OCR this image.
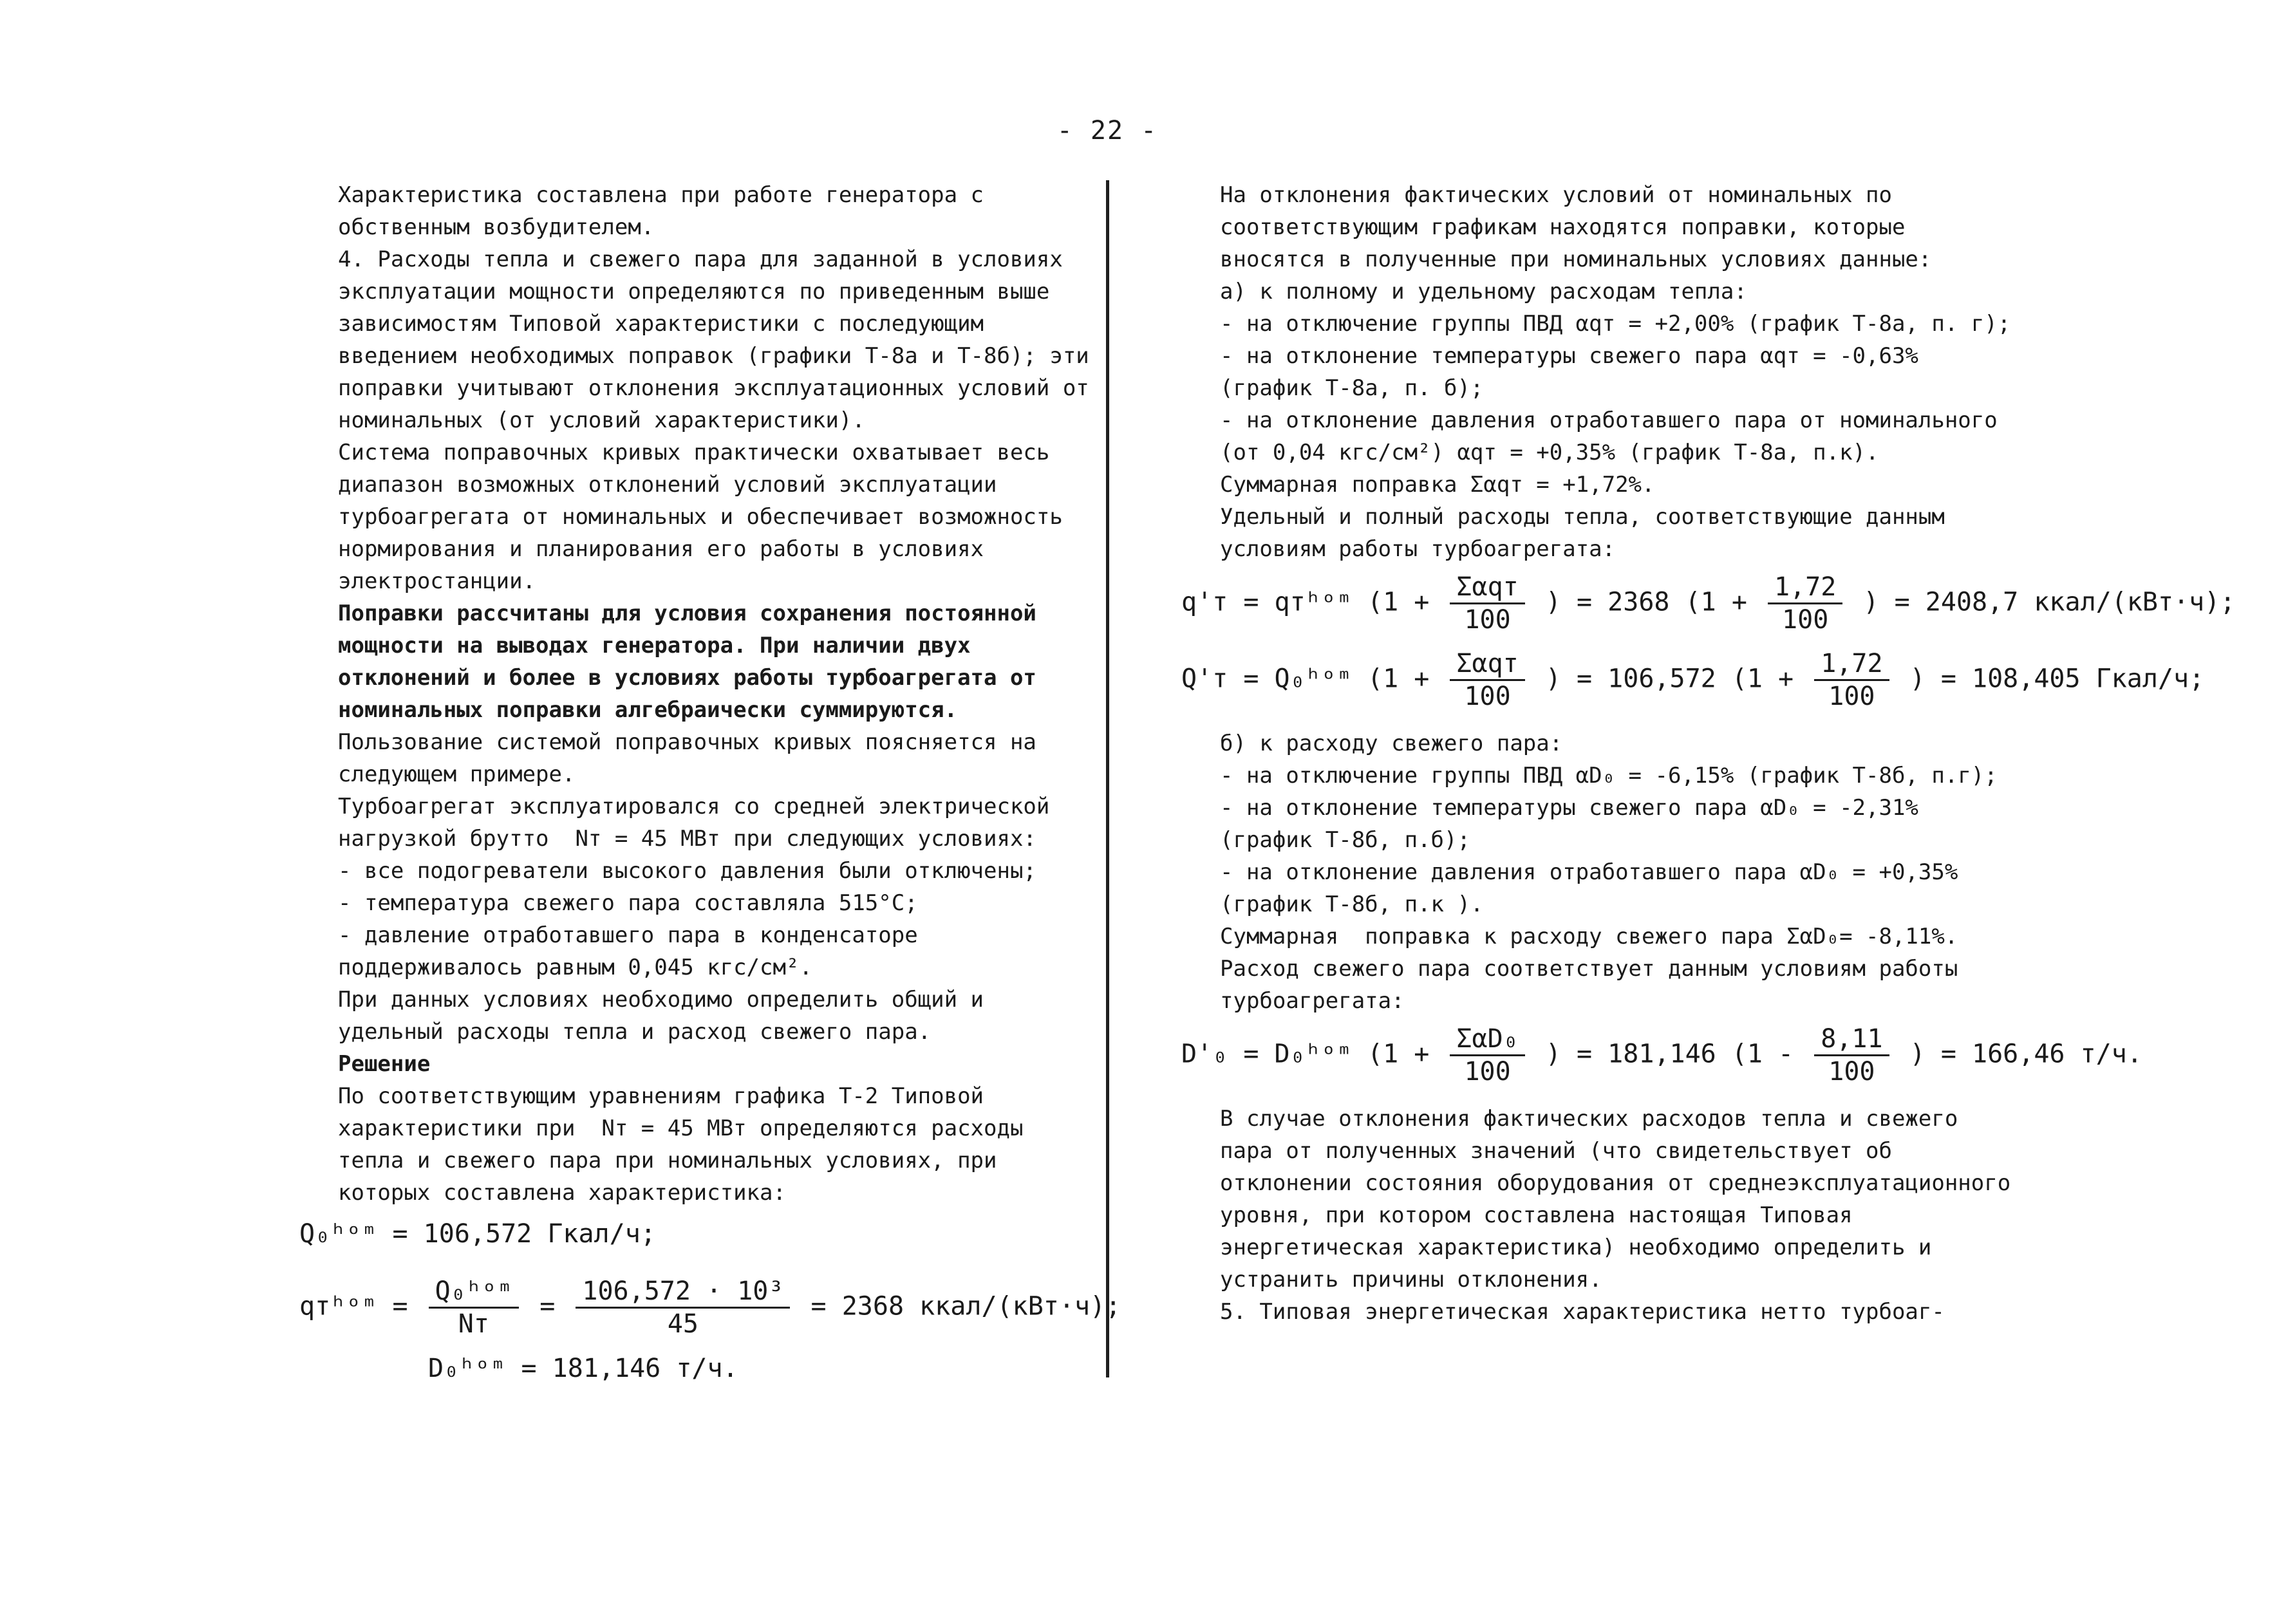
- 22 -

Характеристика составлена при работе генератора с обственным возбудителем.

4. Расходы тепла и свежего пара для заданной в условиях эксплуатации мощности определяются по приведенным выше зависимостям Типовой характеристики с последующим введением необходимых поправок (графики Т-8а и Т-8б); эти поправки учитывают отклонения эксплуатационных условий от номинальных (от условий характеристики).

Система поправочных кривых практически охватывает весь диапазон возможных отклонений условий эксплуатации турбоагрегата от номинальных и обеспечивает возможность нормирования и планирования его работы в условиях электростанции.

Поправки рассчитаны для условия сохранения постоянной мощности на выводах генератора. При наличии двух отклонений и более в условиях работы турбоагрегата от номинальных поправки алгебраически суммируются.

Пользование системой поправочных кривых поясняется на следующем примере.

Турбоагрегат эксплуатировался со средней электрической нагрузкой брутто  Nт = 45 МВт при следующих условиях:

- все подогреватели высокого давления были отключены;

- температура свежего пара составляла 515°С;

- давление отработавшего пара в конденсаторе поддерживалось равным 0,045 кгс/см².

При данных условиях необходимо определить общий и удельный расходы тепла и расход свежего пара.

Решение

По соответствующим уравнениям графика Т-2 Типовой характеристики при  Nт = 45 МВт определяются расходы тепла и свежего пара при номинальных условиях, при которых составлена характеристика:

Q₀ʰᵒᵐ = 106,572 Гкал/ч;

qтʰᵒᵐ = $\frac{\text{Q₀ʰᵒᵐ}}{Nт} = \frac{\text{106,572 · 10³}}{45} = 2368$ ккал/(кВт·ч);

D₀ʰᵒᵐ = 181,146 т/ч.

На отклонения фактических условий от номинальных по соответствующим графикам находятся поправки, которые вносятся в полученные при номинальных условиях данные:

а) к полному и удельному расходам тепла:

- на отключение группы ПВД αqт = +2,00% (график Т-8а, п. г);

- на отклонение температуры свежего пара αqт = -0,63% (график Т-8а, п. б);

- на отклонение давления отработавшего пара от номинального (от 0,04 кгс/см²) αqт = +0,35% (график Т-8а, п.к).

Суммарная поправка Σαqт = +1,72%.

Удельный и полный расходы тепла, соответствующие данным условиям работы турбоагрегата:

q'т = qтʰᵒᵐ ($1 + \frac{\text{Σαqт}}{100}$ ) = 2368 ($1 + \frac{1,72}{100}$ ) = 2408,7 ккал/(кВт·ч);
Q'т = Q₀ʰᵒᵐ ($1 + \frac{\text{Σαqт}}{100}$ ) = 106,572 ($1 + \frac{1,72}{100}$ ) = 108,405 Гкал/ч;

б) к расходу свежего пара:

- на отключение группы ПВД αD₀ = -6,15% (график Т-8б, п.г);

- на отклонение температуры свежего пара αD₀ = -2,31% (график Т-8б, п.б);

- на отклонение давления отработавшего пара αD₀ = +0,35% (график Т-8б, п.к ).

Суммарная  поправка к расходу свежего пара ΣαD₀= -8,11%.

Расход свежего пара соответствует данным условиям работы турбоагрегата:

D'₀ = D₀ʰᵒᵐ ($1 + \frac{\text{ΣαD₀}}{100}$ ) = 181,146 ($1 - \frac{8,11}{100}$ ) = 166,46 т/ч.

В случае отклонения фактических расходов тепла и свежего пара от полученных значений (что свидетельствует об отклонении состояния оборудования от среднеэксплуатационного уровня, при котором составлена настоящая Типовая энергетическая характеристика) необходимо определить и устранить причины отклонения.

5. Типовая энергетическая характеристика нетто турбоаг-
